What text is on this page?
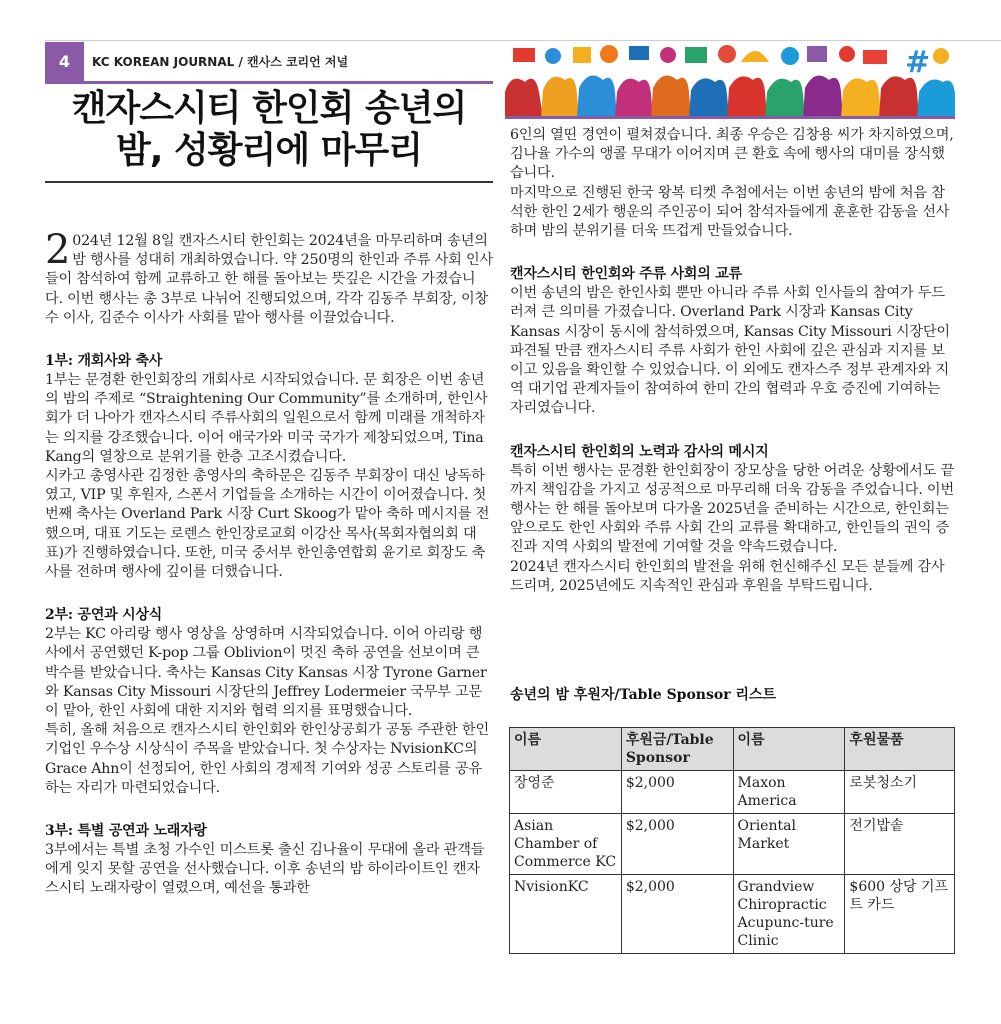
4	KC KOREAN JOURNAL / 캔사스 코리언 저널
캔자스시티 한인회 송년의
밤, 성황리에 마무리
#

2 024년 12월 8일 캔자스시티 한인회는 2024년을 마무리하며 송년의 밤 행사를 성대히 개최하였습니다. 약 250명의 한인과 주류 사회 인사들이 참석하여 함께 교류하고 한 해를 돌아보는 뜻깊은 시간을 가졌습니다. 이번 행사는 총 3부로 나뉘어 진행되었으며, 각각 김동주 부회장, 이창수 이사, 김준수 이사가 사회를 맡아 행사를 이끌었습니다.

1부: 개회사와 축사

1부는 문경환 한인회장의 개회사로 시작되었습니다. 문 회장은 이번 송년의 밤의 주제로 “Straightening Our Community”를 소개하며, 한인사회가 더 나아가 캔자스시티 주류사회의 일원으로서 함께 미래를 개척하자는 의지를 강조했습니다. 이어 애국가와 미국 국가가 제창되었으며, Tina Kang의 열창으로 분위기를 한층 고조시켰습니다.

시카고 총영사관 김정한 총영사의 축하문은 김동주 부회장이 대신 낭독하였고, VIP 및 후원자, 스폰서 기업들을 소개하는 시간이 이어졌습니다. 첫 번째 축사는 Overland Park 시장 Curt Skoog가 맡아 축하 메시지를 전했으며, 대표 기도는 로렌스 한인장로교회 이강산 목사(목회자협의회 대표)가 진행하였습니다. 또한, 미국 중서부 한인총연합회 윤기로 회장도 축사를 전하며 행사에 깊이를 더했습니다.

2부: 공연과 시상식

2부는 KC 아리랑 행사 영상을 상영하며 시작되었습니다. 이어 아리랑 행사에서 공연했던 K-pop 그룹 Oblivion이 멋진 축하 공연을 선보이며 큰 박수를 받았습니다. 축사는 Kansas City Kansas 시장 Tyrone Garner와 Kansas City Missouri 시장단의 Jeffrey Lodermeier 국무부 고문이 맡아, 한인 사회에 대한 지지와 협력 의지를 표명했습니다.

특히, 올해 처음으로 캔자스시티 한인회와 한인상공회가 공동 주관한 한인 기업인 우수상 시상식이 주목을 받았습니다. 첫 수상자는 NvisionKC의 Grace Ahn이 선정되어, 한인 사회의 경제적 기여와 성공 스토리를 공유하는 자리가 마련되었습니다.

3부: 특별 공연과 노래자랑

3부에서는 특별 초청 가수인 미스트롯 출신 김나율이 무대에 올라 관객들에게 잊지 못할 공연을 선사했습니다. 이후 송년의 밤 하이라이트인 캔자스시티 노래자랑이 열렸으며, 예선을 통과한

6인의 열띤 경연이 펼쳐졌습니다. 최종 우승은 김창용 씨가 차지하였으며, 김나율 가수의 앵콜 무대가 이어지며 큰 환호 속에 행사의 대미를 장식했습니다.

마지막으로 진행된 한국 왕복 티켓 추첨에서는 이번 송년의 밤에 처음 참석한 한인 2세가 행운의 주인공이 되어 참석자들에게 훈훈한 감동을 선사하며 밤의 분위기를 더욱 뜨겁게 만들었습니다.

캔자스시티 한인회와 주류 사회의 교류

이번 송년의 밤은 한인사회 뿐만 아니라 주류 사회 인사들의 참여가 두드러져 큰 의미를 가졌습니다. Overland Park 시장과 Kansas City Kansas 시장이 동시에 참석하였으며, Kansas City Missouri 시장단이 파견될 만큼 캔자스시티 주류 사회가 한인 사회에 깊은 관심과 지지를 보이고 있음을 확인할 수 있었습니다. 이 외에도 캔자스주 정부 관계자와 지역 대기업 관계자들이 참여하여 한미 간의 협력과 우호 증진에 기여하는 자리였습니다.

캔자스시티 한인회의 노력과 감사의 메시지

특히 이번 행사는 문경환 한인회장이 장모상을 당한 어려운 상황에서도 끝까지 책임감을 가지고 성공적으로 마무리해 더욱 감동을 주었습니다. 이번 행사는 한 해를 돌아보며 다가올 2025년을 준비하는 시간으로, 한인회는 앞으로도 한인 사회와 주류 사회 간의 교류를 확대하고, 한인들의 권익 증진과 지역 사회의 발전에 기여할 것을 약속드렸습니다.

2024년 캔자스시티 한인회의 발전을 위해 헌신해주신 모든 분들께 감사드리며, 2025년에도 지속적인 관심과 후원을 부탁드립니다.

송년의 밤 후원자/Table Sponsor 리스트

이름	후원금/Table Sponsor	이름	후원물품
장영준	$2,000	Maxon America	로봇청소기
Asian Chamber of Commerce KC	$2,000	Oriental Market	전기밥솥
NvisionKC	$2,000	Grandview Chiropractic Acupunc-ture Clinic	$600 상당 기프트 카드
